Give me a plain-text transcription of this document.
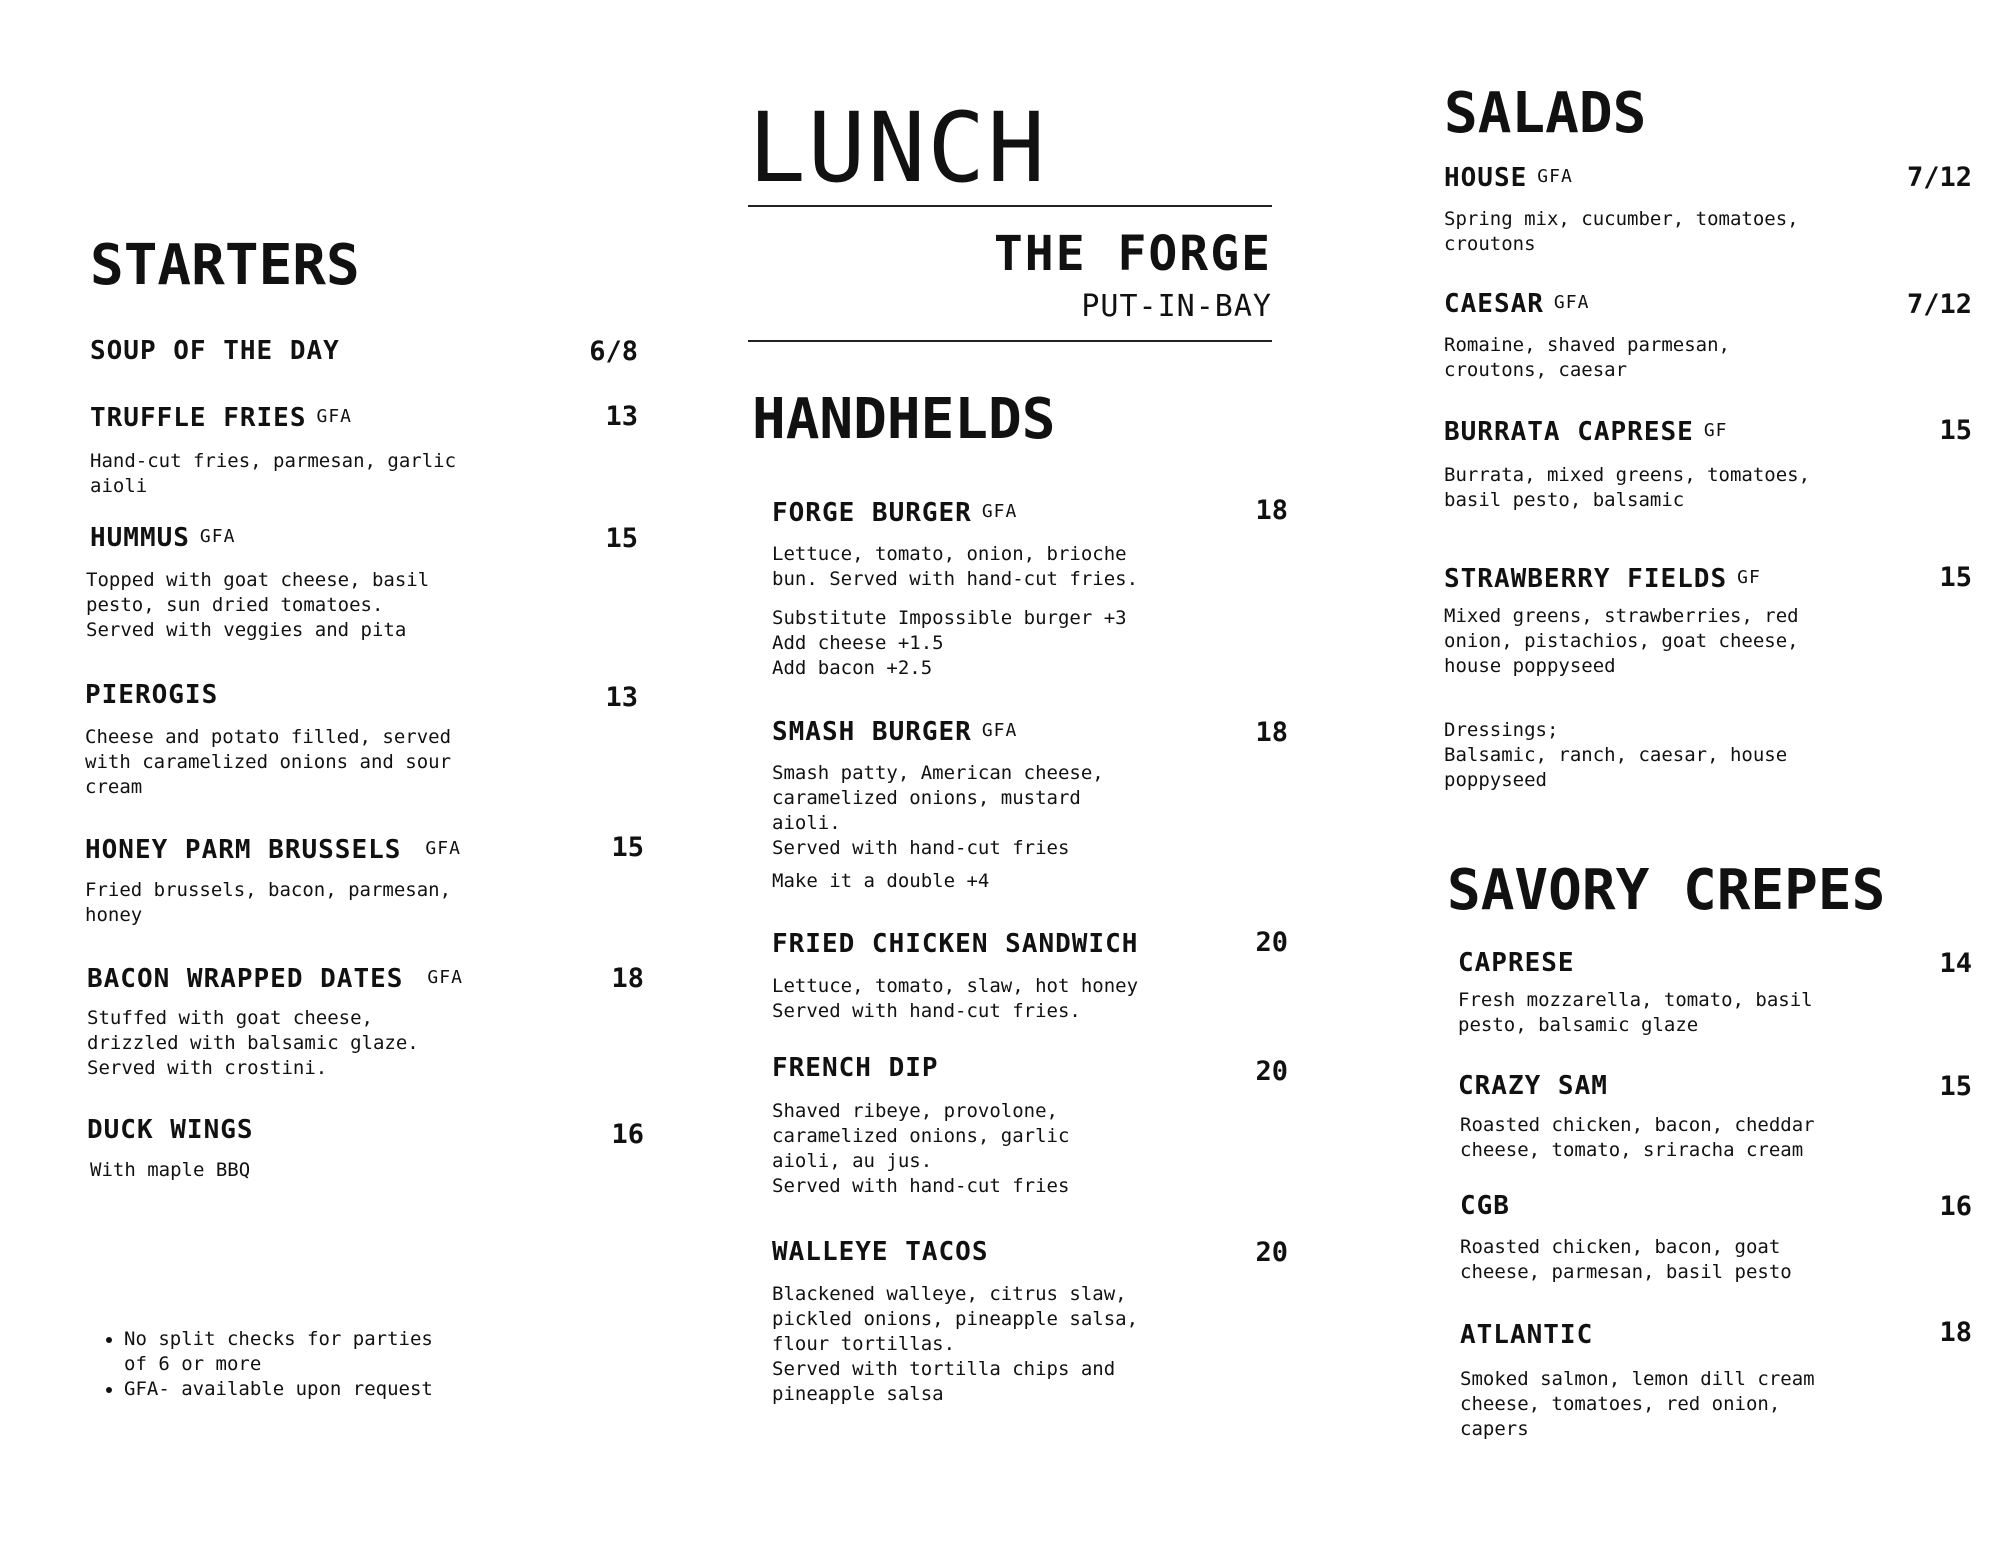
STARTERS
SOUP OF THE DAY	6/8
TRUFFLE FRIES GFA	13
Hand-cut fries, parmesan, garlic
aioli
HUMMUS GFA	15
Topped with goat cheese, basil
pesto, sun dried tomatoes.
Served with veggies and pita
PIEROGIS	13
Cheese and potato filled, served
with caramelized onions and sour
cream
HONEY PARM BRUSSELS GFA	15
Fried brussels, bacon, parmesan,
honey
BACON WRAPPED DATES GFA	18
Stuffed with goat cheese,
drizzled with balsamic glaze.
Served with crostini.
DUCK WINGS	16
With maple BBQ
• No split checks for parties of 6 or more
• GFA- available upon request
LUNCH
THE FORGE
PUT-IN-BAY
HANDHELDS
FORGE BURGER GFA	18
Lettuce, tomato, onion, brioche
bun. Served with hand-cut fries.
Substitute Impossible burger +3
Add cheese +1.5
Add bacon +2.5
SMASH BURGER GFA	18
Smash patty, American cheese,
caramelized onions, mustard
aioli.
Served with hand-cut fries
Make it a double +4
FRIED CHICKEN SANDWICH	20
Lettuce, tomato, slaw, hot honey
Served with hand-cut fries.
FRENCH DIP	20
Shaved ribeye, provolone,
caramelized onions, garlic
aioli, au jus.
Served with hand-cut fries
WALLEYE TACOS	20
Blackened walleye, citrus slaw,
pickled onions, pineapple salsa,
flour tortillas.
Served with tortilla chips and
pineapple salsa
SALADS
HOUSE GFA	7/12
Spring mix, cucumber, tomatoes,
croutons
CAESAR GFA	7/12
Romaine, shaved parmesan,
croutons, caesar
BURRATA CAPRESE GF	15
Burrata, mixed greens, tomatoes,
basil pesto, balsamic
STRAWBERRY FIELDS GF	15
Mixed greens, strawberries, red
onion, pistachios, goat cheese,
house poppyseed
Dressings;
Balsamic, ranch, caesar, house
poppyseed
SAVORY CREPES
CAPRESE	14
Fresh mozzarella, tomato, basil
pesto, balsamic glaze
CRAZY SAM	15
Roasted chicken, bacon, cheddar
cheese, tomato, sriracha cream
CGB	16
Roasted chicken, bacon, goat
cheese, parmesan, basil pesto
ATLANTIC	18
Smoked salmon, lemon dill cream
cheese, tomatoes, red onion,
capers
